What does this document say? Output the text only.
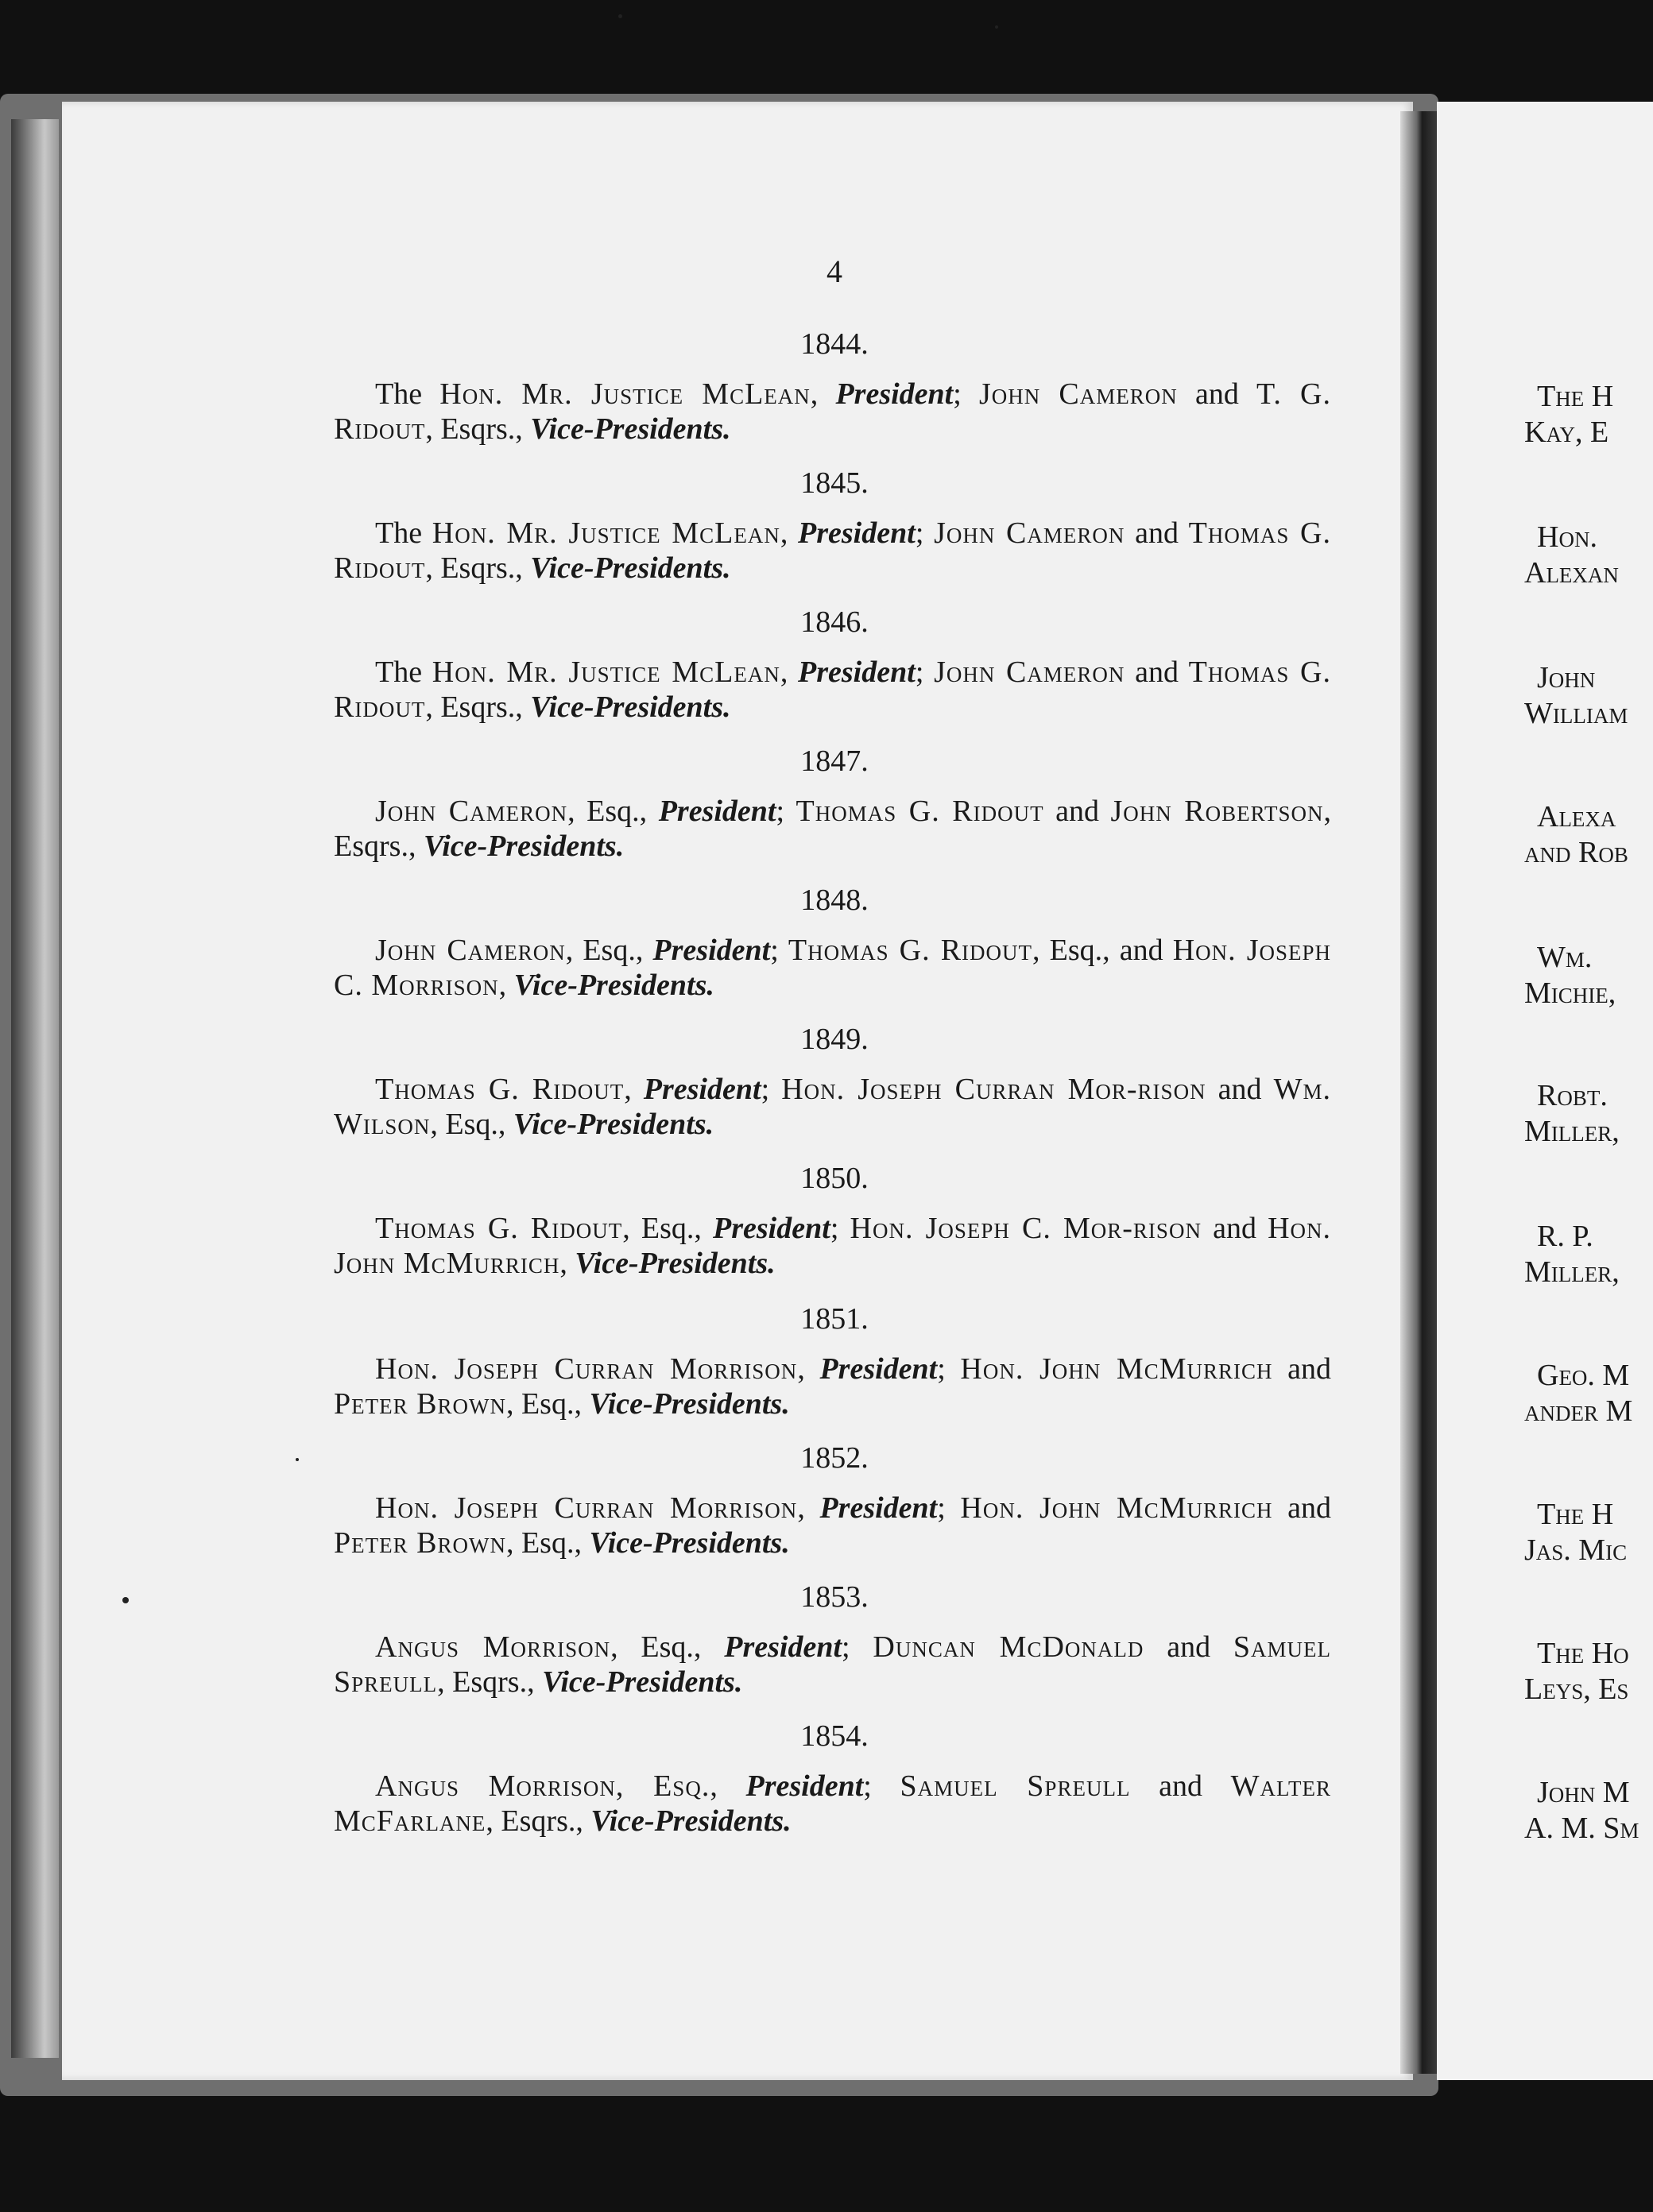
4
1844.
The Hon. Mr. Justice McLean, President; John Cameron and T. G. Ridout, Esqrs., Vice-Presidents.
1845.
The Hon. Mr. Justice McLean, President; John Cameron and Thomas G. Ridout, Esqrs., Vice-Presidents.
1846.
The Hon. Mr. Justice McLean, President; John Cameron and Thomas G. Ridout, Esqrs., Vice-Presidents.
1847.
John Cameron, Esq., President; Thomas G. Ridout and John Robertson, Esqrs., Vice-Presidents.
1848.
John Cameron, Esq., President; Thomas G. Ridout, Esq., and Hon. Joseph C. Morrison, Vice-Presidents.
1849.
Thomas G. Ridout, President; Hon. Joseph Curran Mor-rison and Wm. Wilson, Esq., Vice-Presidents.
1850.
Thomas G. Ridout, Esq., President; Hon. Joseph C. Mor-rison and Hon. John McMurrich, Vice-Presidents.
1851.
Hon. Joseph Curran Morrison, President; Hon. John McMurrich and Peter Brown, Esq., Vice-Presidents.
1852.
Hon. Joseph Curran Morrison, President; Hon. John McMurrich and Peter Brown, Esq., Vice-Presidents.
1853.
Angus Morrison, Esq., President; Duncan McDonald and Samuel Spreull, Esqrs., Vice-Presidents.
1854.
Angus Morrison, Esq., President; Samuel Spreull and Walter McFarlane, Esqrs., Vice-Presidents.
The H
Kay, E
Hon.
Alexan
John
William
Alexa
and Rob
Wm.
Michie,
Robt.
Miller,
R. P.
Miller,
Geo. M
ander M
The H
Jas. Mic
The Ho
Leys, Es
John M
A. M. Sm
